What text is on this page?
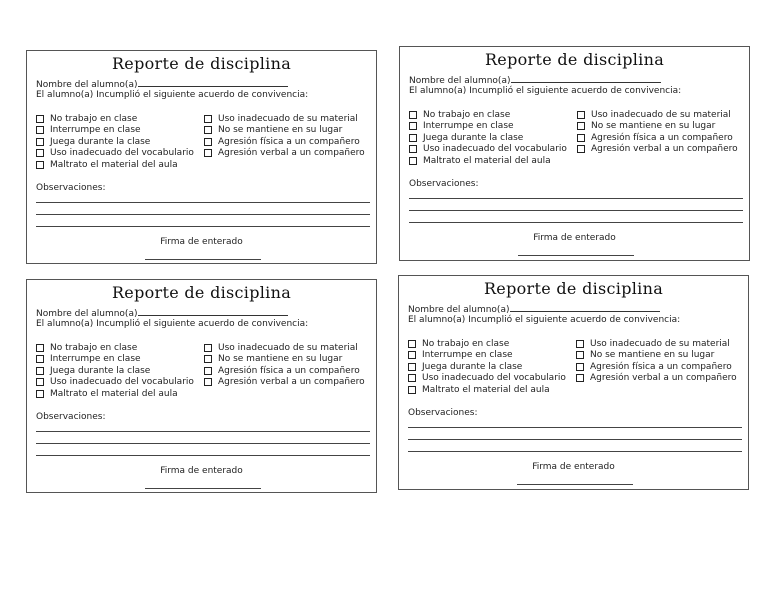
Reporte de disciplina
Nombre del alumno(a)
El alumno(a) Incumplió el siguiente acuerdo de convivencia:
No trabajo en clase
Interrumpe en clase
Juega durante la clase
Uso inadecuado del vocabulario
Maltrato el material del aula
Uso inadecuado de su material
No se mantiene en su lugar
Agresión física a un compañero
Agresión verbal a un compañero
Observaciones:
Firma de enterado
Reporte de disciplina
Nombre del alumno(a)
El alumno(a) Incumplió el siguiente acuerdo de convivencia:
No trabajo en clase
Interrumpe en clase
Juega durante la clase
Uso inadecuado del vocabulario
Maltrato el material del aula
Uso inadecuado de su material
No se mantiene en su lugar
Agresión física a un compañero
Agresión verbal a un compañero
Observaciones:
Firma de enterado
Reporte de disciplina
Nombre del alumno(a)
El alumno(a) Incumplió el siguiente acuerdo de convivencia:
No trabajo en clase
Interrumpe en clase
Juega durante la clase
Uso inadecuado del vocabulario
Maltrato el material del aula
Uso inadecuado de su material
No se mantiene en su lugar
Agresión física a un compañero
Agresión verbal a un compañero
Observaciones:
Firma de enterado
Reporte de disciplina
Nombre del alumno(a)
El alumno(a) Incumplió el siguiente acuerdo de convivencia:
No trabajo en clase
Interrumpe en clase
Juega durante la clase
Uso inadecuado del vocabulario
Maltrato el material del aula
Uso inadecuado de su material
No se mantiene en su lugar
Agresión física a un compañero
Agresión verbal a un compañero
Observaciones:
Firma de enterado
